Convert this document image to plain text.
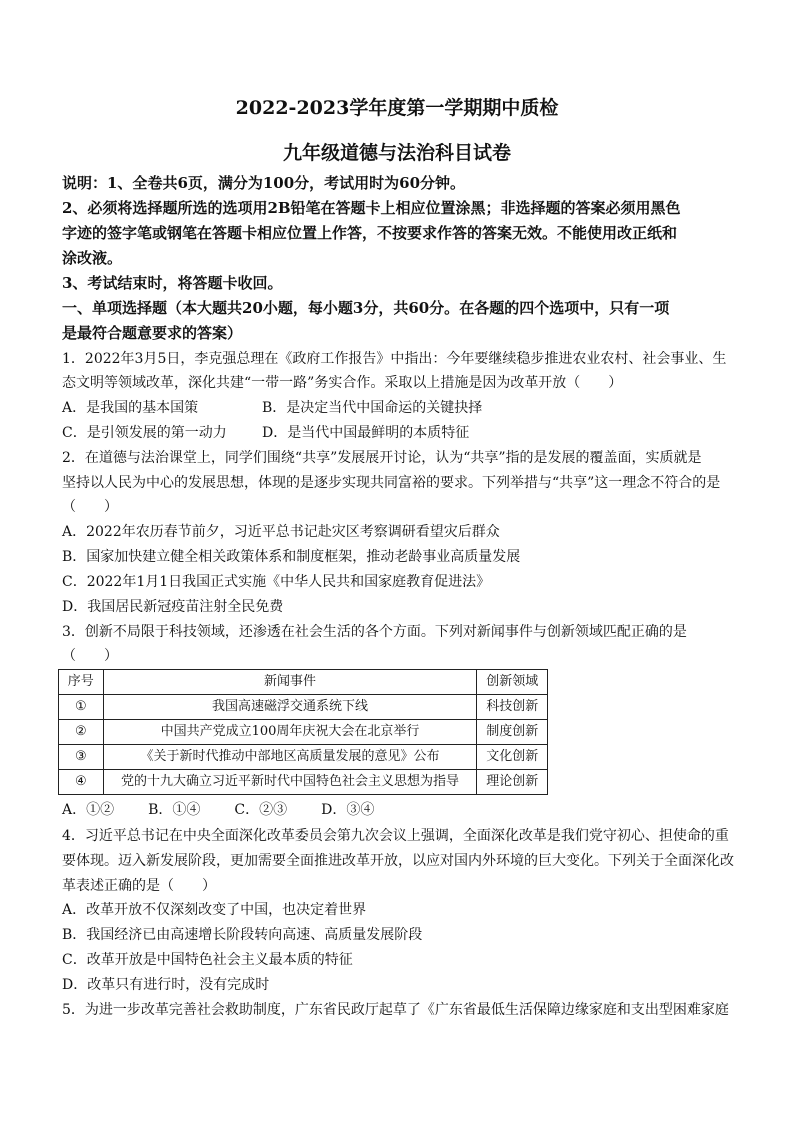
2022-2023学年度第一学期期中质检
九年级道德与法治科目试卷
说明：1、全卷共6页，满分为100分，考试用时为60分钟。
2、必须将选择题所选的选项用2B铅笔在答题卡上相应位置涂黑；非选择题的答案必须用黑色
字迹的签字笔或钢笔在答题卡相应位置上作答，不按要求作答的答案无效。不能使用改正纸和
涂改液。
3、考试结束时，将答题卡收回。
一、单项选择题（本大题共20小题，每小题3分，共60分。在各题的四个选项中，只有一项
是最符合题意要求的答案）
1．2022年3月5日，李克强总理在《政府工作报告》中指出：今年要继续稳步推进农业农村、社会事业、生
态文明等领域改革，深化共建“一带一路”务实合作。采取以上措施是因为改革开放（　　）
A．是我国的基本国策	B．是决定当代中国命运的关键抉择
C．是引领发展的第一动力	D．是当代中国最鲜明的本质特征
2．在道德与法治课堂上，同学们围绕“共享”发展展开讨论，认为“共享”指的是发展的覆盖面，实质就是
坚持以人民为中心的发展思想，体现的是逐步实现共同富裕的要求。下列举措与“共享”这一理念不符合的是
（　　）
A．2022年农历春节前夕，习近平总书记赴灾区考察调研看望灾后群众
B．国家加快建立健全相关政策体系和制度框架，推动老龄事业高质量发展
C．2022年1月1日我国正式实施《中华人民共和国家庭教育促进法》
D．我国居民新冠疫苗注射全民免费
3．创新不局限于科技领域，还渗透在社会生活的各个方面。下列对新闻事件与创新领域匹配正确的是
（　　）
序号	新闻事件	创新领域
①	我国高速磁浮交通系统下线	科技创新
②	中国共产党成立100周年庆祝大会在北京举行	制度创新
③	《关于新时代推动中部地区高质量发展的意见》公布	文化创新
④	党的十九大确立习近平新时代中国特色社会主义思想为指导	理论创新
A．①② B．①④ C．②③ D．③④
4．习近平总书记在中央全面深化改革委员会第九次会议上强调，全面深化改革是我们党守初心、担使命的重
要体现。迈入新发展阶段，更加需要全面推进改革开放，以应对国内外环境的巨大变化。下列关于全面深化改
革表述正确的是（　　）
A．改革开放不仅深刻改变了中国，也决定着世界
B．我国经济已由高速增长阶段转向高速、高质量发展阶段
C．改革开放是中国特色社会主义最本质的特征
D．改革只有进行时，没有完成时
5．为进一步改革完善社会救助制度，广东省民政厅起草了《广东省最低生活保障边缘家庭和支出型困难家庭
